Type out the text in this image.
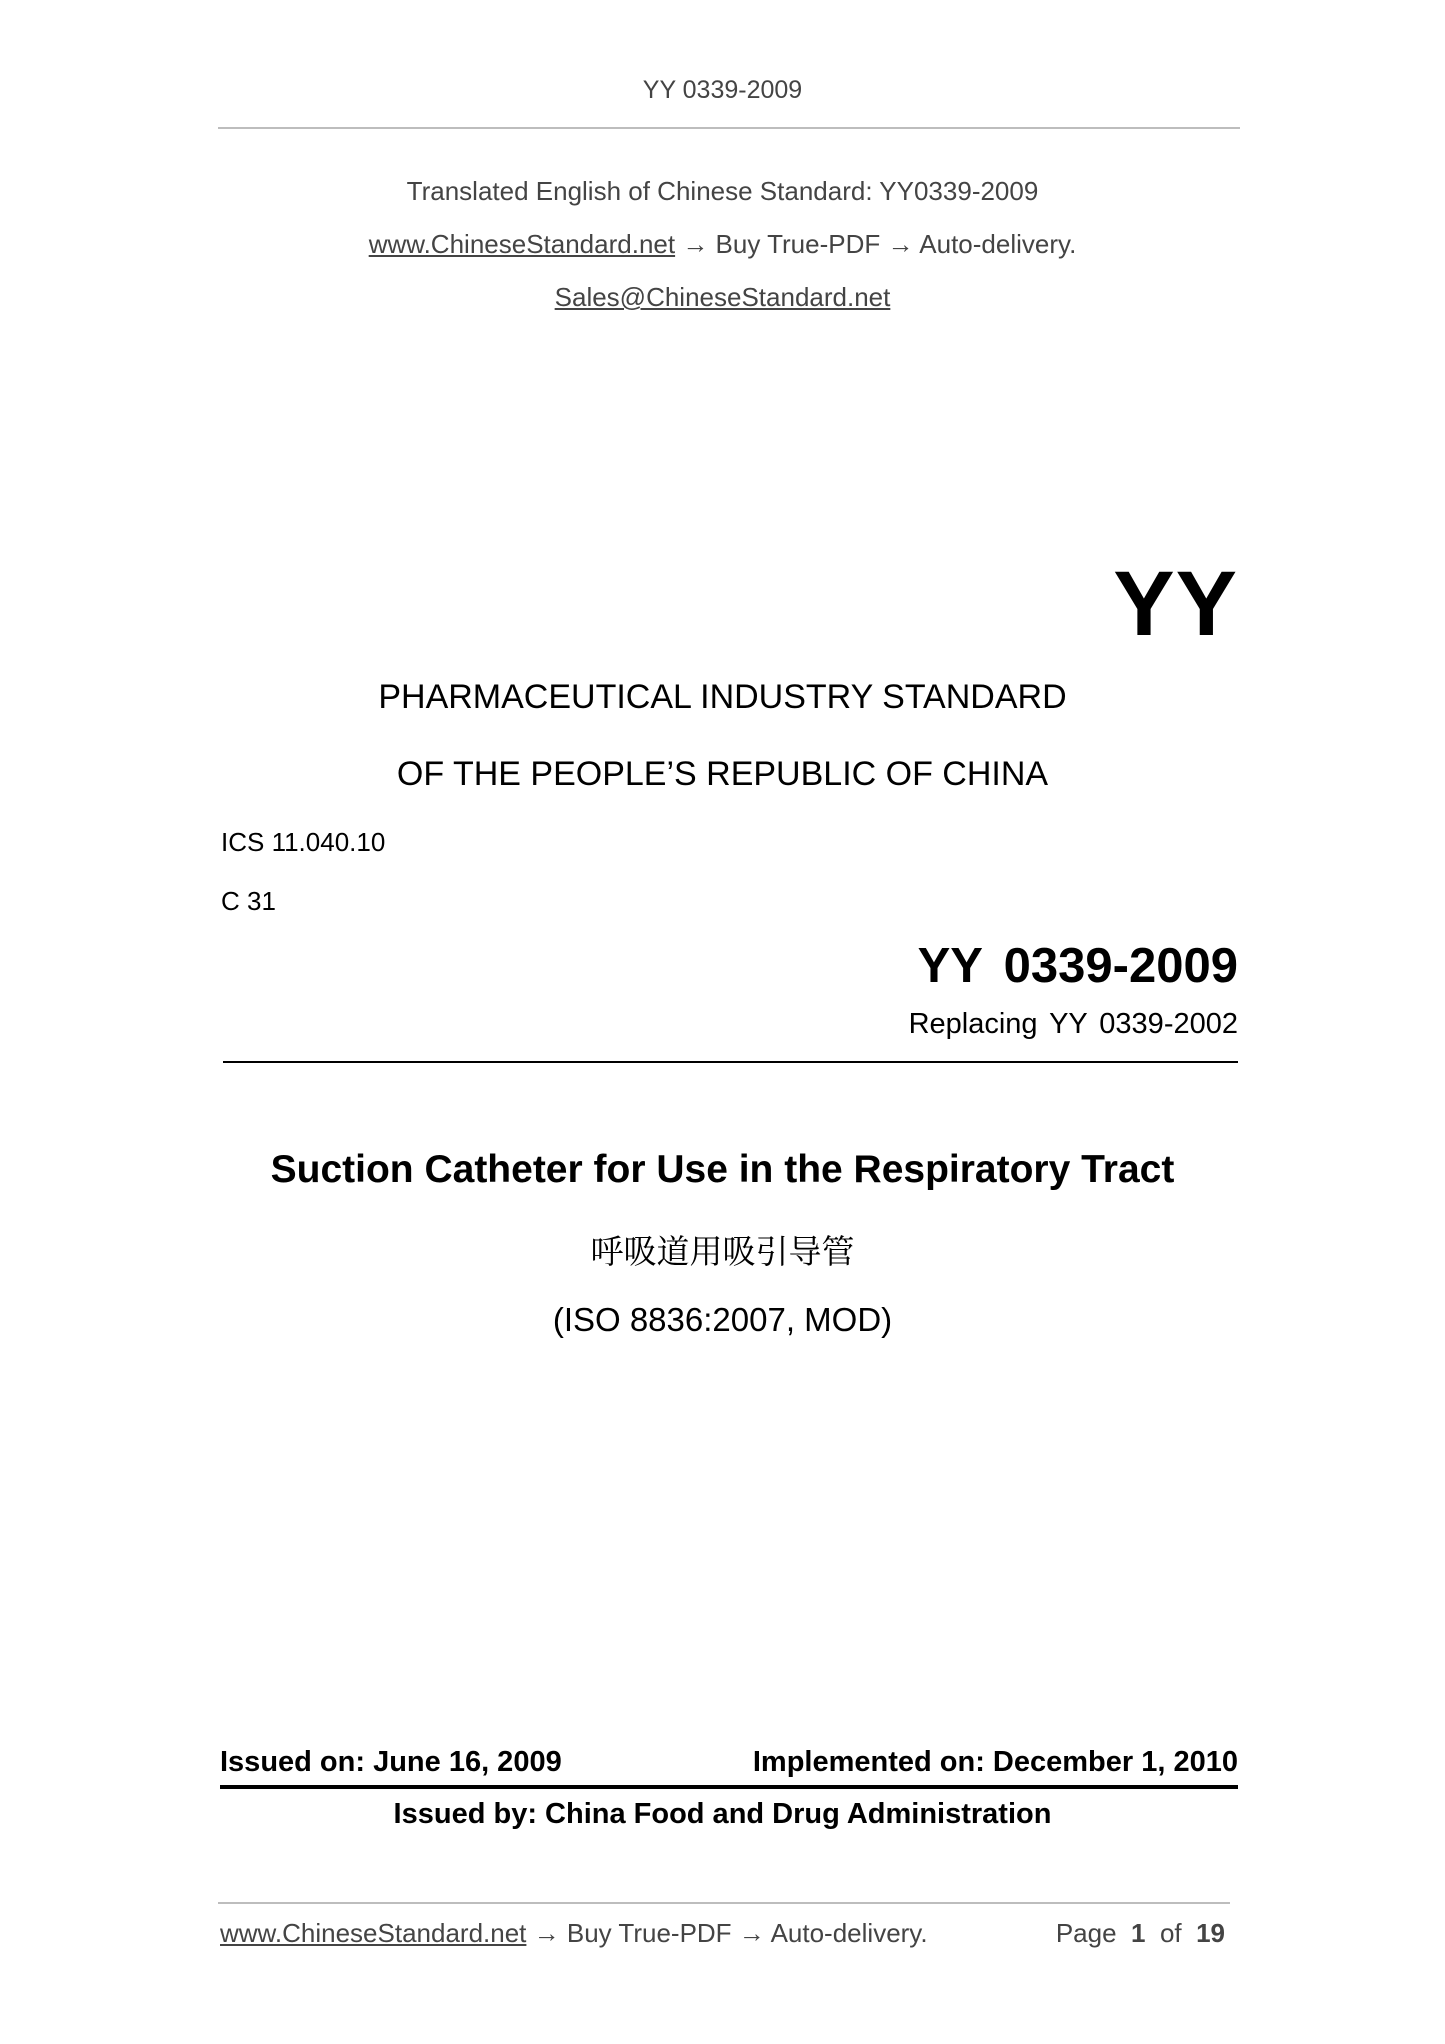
YY 0339-2009
Translated English of Chinese Standard: YY0339-2009
www.ChineseStandard.net → Buy True-PDF → Auto-delivery.
Sales@ChineseStandard.net
YY
PHARMACEUTICAL INDUSTRY STANDARD
OF THE PEOPLE’S REPUBLIC OF CHINA
ICS 11.040.10
C 31
YY 0339-2009
Replacing YY 0339-2002
Suction Catheter for Use in the Respiratory Tract
呼吸道用吸引导管
(ISO 8836:2007, MOD)
Issued on: June 16, 2009	Implemented on: December 1, 2010
Issued by: China Food and Drug Administration
www.ChineseStandard.net → Buy True-PDF → Auto-delivery.	Page 1 of 19
